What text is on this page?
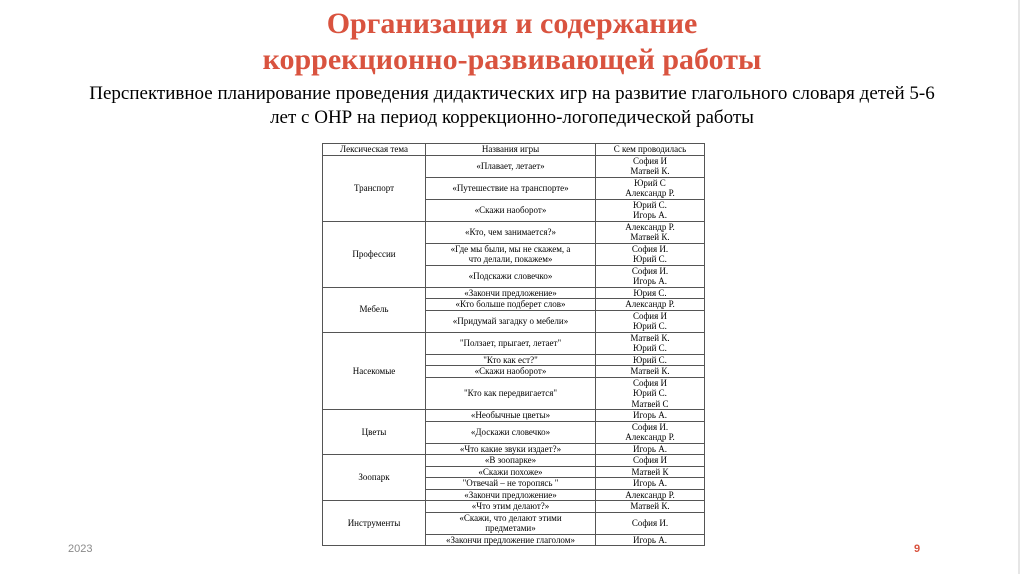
Организация и содержание
коррекционно-развивающей работы
Перспективное планирование проведения дидактических игр на развитие глагольного словаря детей 5-6
лет с ОНР на период коррекционно-логопедической работы
Лексическая тема	Названия игры	С кем проводилась
Транспорт	«Плавает, летает»	София И
Матвей К.
	«Путешествие на транспорте»	Юрий С
Александр Р.
	«Скажи наоборот»	Юрий С.
Игорь А.
Профессии	«Кто, чем занимается?»	Александр Р.
Матвей К.
	«Где мы были, мы не скажем, а
что делали, покажем»	София И.
Юрий С.
	«Подскажи словечко»	София И.
Игорь А.
Мебель	«Закончи предложение»	Юрия С.
	«Кто больше подберет слов»	Александр Р.
	«Придумай загадку о мебели»	София И
Юрий С.
Насекомые	"Ползает, прыгает, летает"	Матвей К.
Юрий С.
	"Кто как ест?"	Юрий С.
	«Скажи наоборот»	Матвей К.
	"Кто как передвигается"	София И
Юрий С.
Матвей С
Цветы	«Необычные цветы»	Игорь А.
	«Доскажи словечко»	София И.
Александр Р.
	«Что какие звуки издает?»	Игорь А.
Зоопарк	«В зоопарке»	София И
	«Скажи похоже»	Матвей К
	"Отвечай – не торопясь "	Игорь А.
	«Закончи предложение»	Александр Р.
Инструменты	«Что этим делают?»	Матвей К.
	«Скажи, что делают этими
предметами»	София И.
	«Закончи предложение глаголом»	Игорь А.
2023	9
